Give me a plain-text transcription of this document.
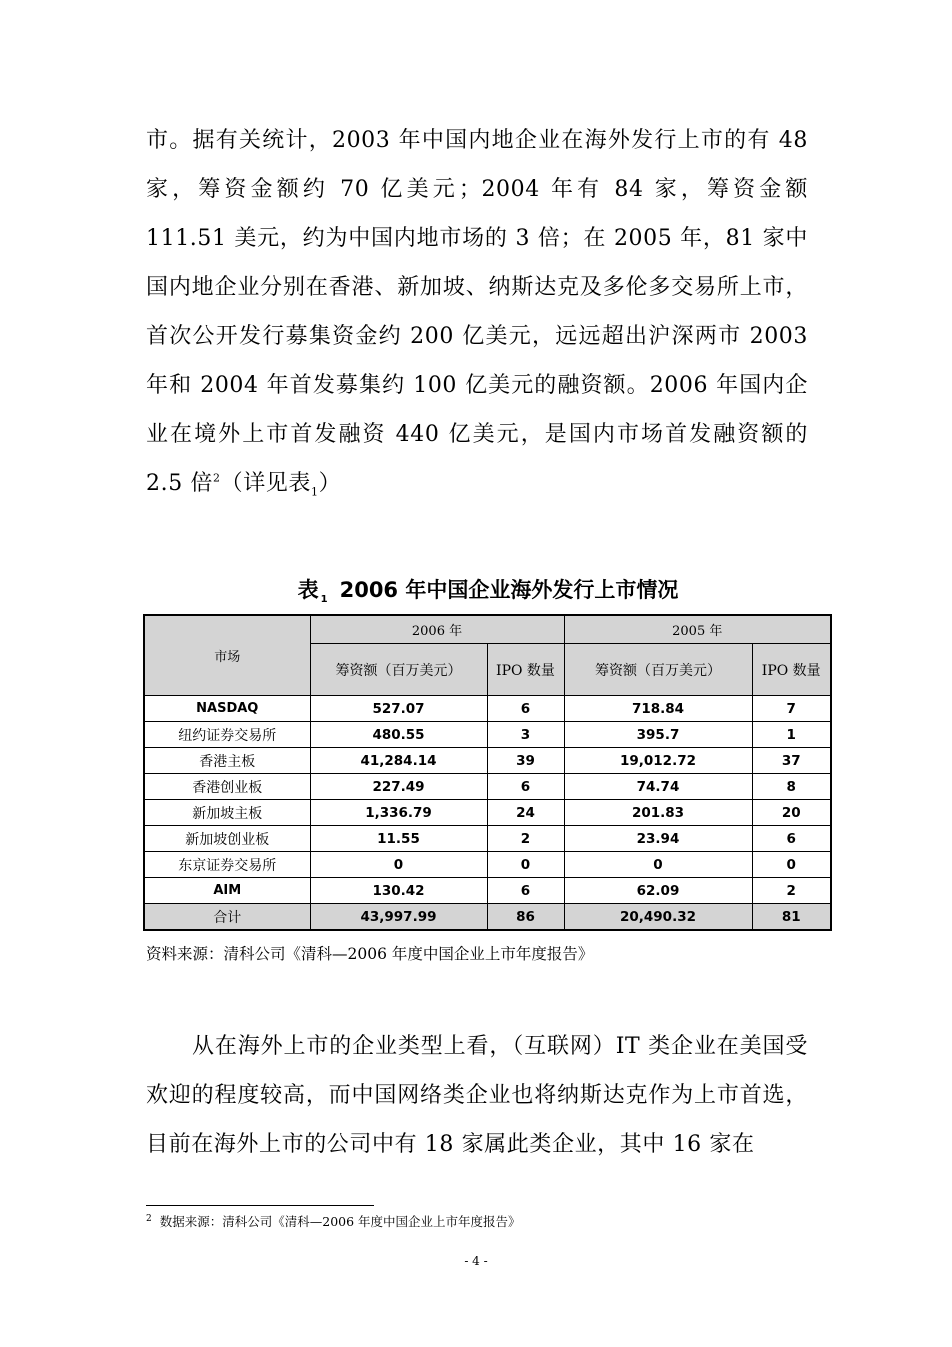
市。据有关统计，2003 年中国内地企业在海外发行上市的有 48 家，筹资金额约 70 亿美元；2004 年有 84 家，筹资金额 111.51 美元，约为中国内地市场的 3 倍；在 2005 年，81 家中国内地企业分别在香港、新加坡、纳斯达克及多伦多交易所上市，首次公开发行募集资金约 200 亿美元，远远超出沪深两市 2003 年和 2004 年首发募集约 100 亿美元的融资额。2006 年国内企业在境外上市首发融资 440 亿美元，是国内市场首发融资额的 2.5 倍$^2$（详见表$_1$）

表 $_1$ 2006 年中国企业海外发行上市情况
市场	2006 年		2005 年	
	筹资额（百万美元）	IPO 数量	筹资额（百万美元）	IPO 数量
NASDAQ	527.07	6	718.84	7
纽约证券交易所	480.55	3	395.7	1
香港主板	41,284.14	39	19,012.72	37
香港创业板	227.49	6	74.74	8
新加坡主板	1,336.79	24	201.83	20
新加坡创业板	11.55	2	23.94	6
东京证券交易所	0	0	0	0
AIM	130.42	6	62.09	2
合计	43,997.99	86	20,490.32	81
资料来源：清科公司《清科—2006 年度中国企业上市年度报告》

从在海外上市的企业类型上看，（互联网）IT 类企业在美国受欢迎的程度较高，而中国网络类企业也将纳斯达克作为上市首选，目前在海外上市的公司中有 18 家属此类企业，其中 16 家在

$^2$ 数据来源：清科公司《清科—2006 年度中国企业上市年度报告》
- 4 -
